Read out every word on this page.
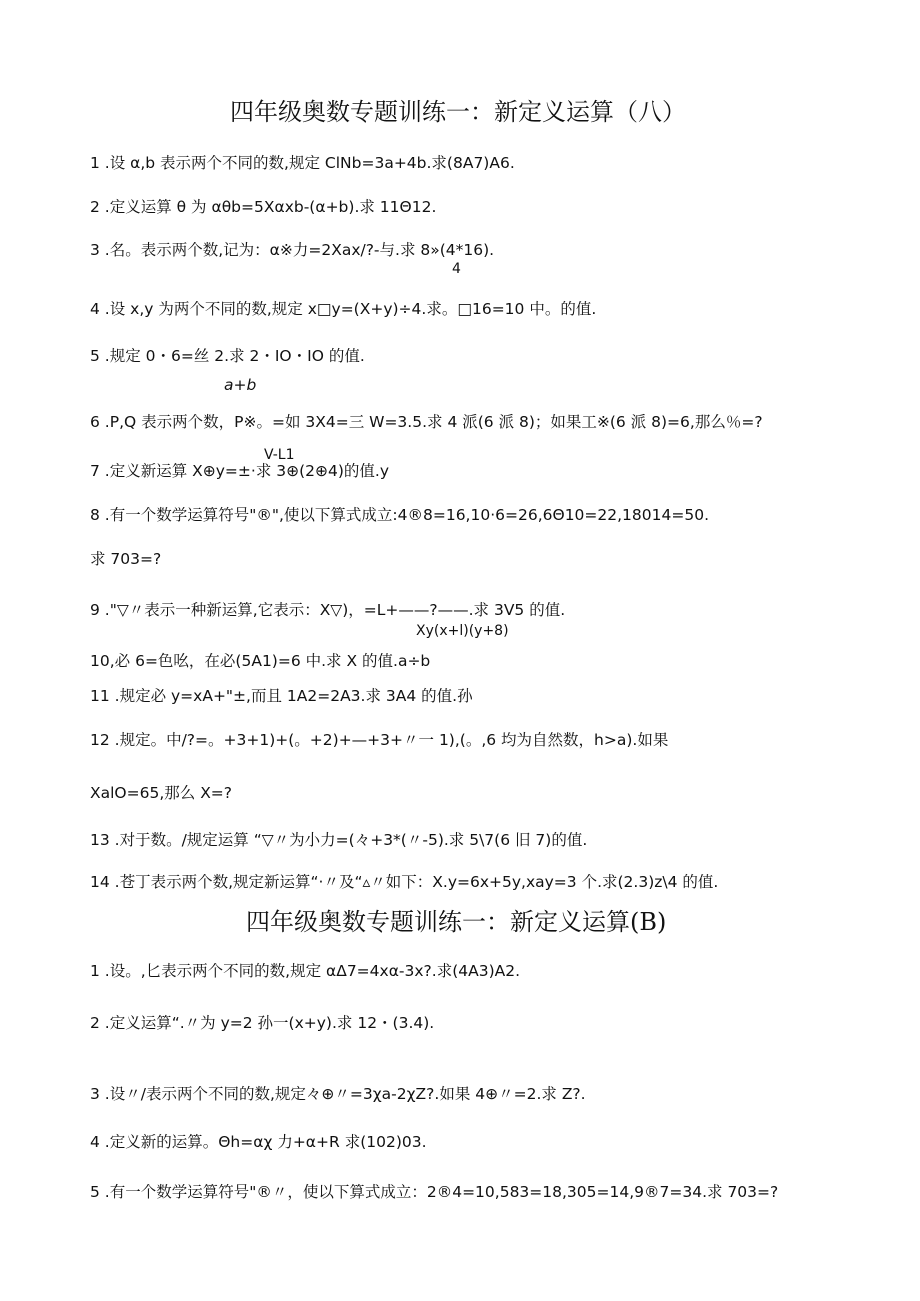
四年级奥数专题训练一：新定义运算（八）
1 .设 α,b 表示两个不同的数,规定 ClNb=3a+4b.求(8A7)A6.
2 .定义运算 θ 为 αθb=5Xαxb-(α+b).求 11Θ12.
3 .名。表示两个数,记为：α※力=2Xax/?-与.求 8»(4*16).
4
4 .设 x,y 为两个不同的数,规定 x□y=(X+y)÷4.求。□16=10 中。的值.
5 .规定 0・6=丝 2.求 2・IO・IO 的值.
a+b
6 .P,Q 表示两个数，P※。=如 3X4=三 W=3.5.求 4 派(6 派 8)；如果工※(6 派 8)=6,那么％=?
V-L1
7 .定义新运算 X⊕y=±·求 3⊕(2⊕4)的值.y
8 .有一个数学运算符号"®",使以下算式成立:4®8=16,10·6=26,6Θ10=22,18014=50.
求 703=?
9 ."▽〃表示一种新运算,它表示：X▽)，=L+——?——.求 3V5 的值.
Xy(x+l)(y+8)
10,必 6=色吆，在必(5A1)=6 中.求 X 的值.a÷b
11 .规定必 y=xA+"±,而且 1A2=2A3.求 3A4 的值.孙
12 .规定。中/?=。+3+1)+(。+2)+—+3+〃一 1),(。,6 均为自然数，h>a).如果
XalO=65,那么 X=?
13 .对于数。/规定运算 “▽〃为小力=(々+3*(〃-5).求 5\7(6 旧 7)的值.
14 .苍丁表示两个数,规定新运算“·〃及“▵〃如下：X.y=6x+5y,xay=3 个.求(2.3)z\4 的值.
四年级奥数专题训练一：新定义运算(B)
1 .设。,匕表示两个不同的数,规定 αΔ7=4xα-3x?.求(4A3)A2.
2 .定义运算“.〃为 y=2 孙一(x+y).求 12・(3.4).
3 .设〃/表示两个不同的数,规定々⊕〃=3χa-2χZ?.如果 4⊕〃=2.求 Z?.
4 .定义新的运算。Θh=αχ 力+α+R 求(102)03.
5 .有一个数学运算符号"®〃，使以下算式成立：2®4=10,583=18,305=14,9®7=34.求 703=?
